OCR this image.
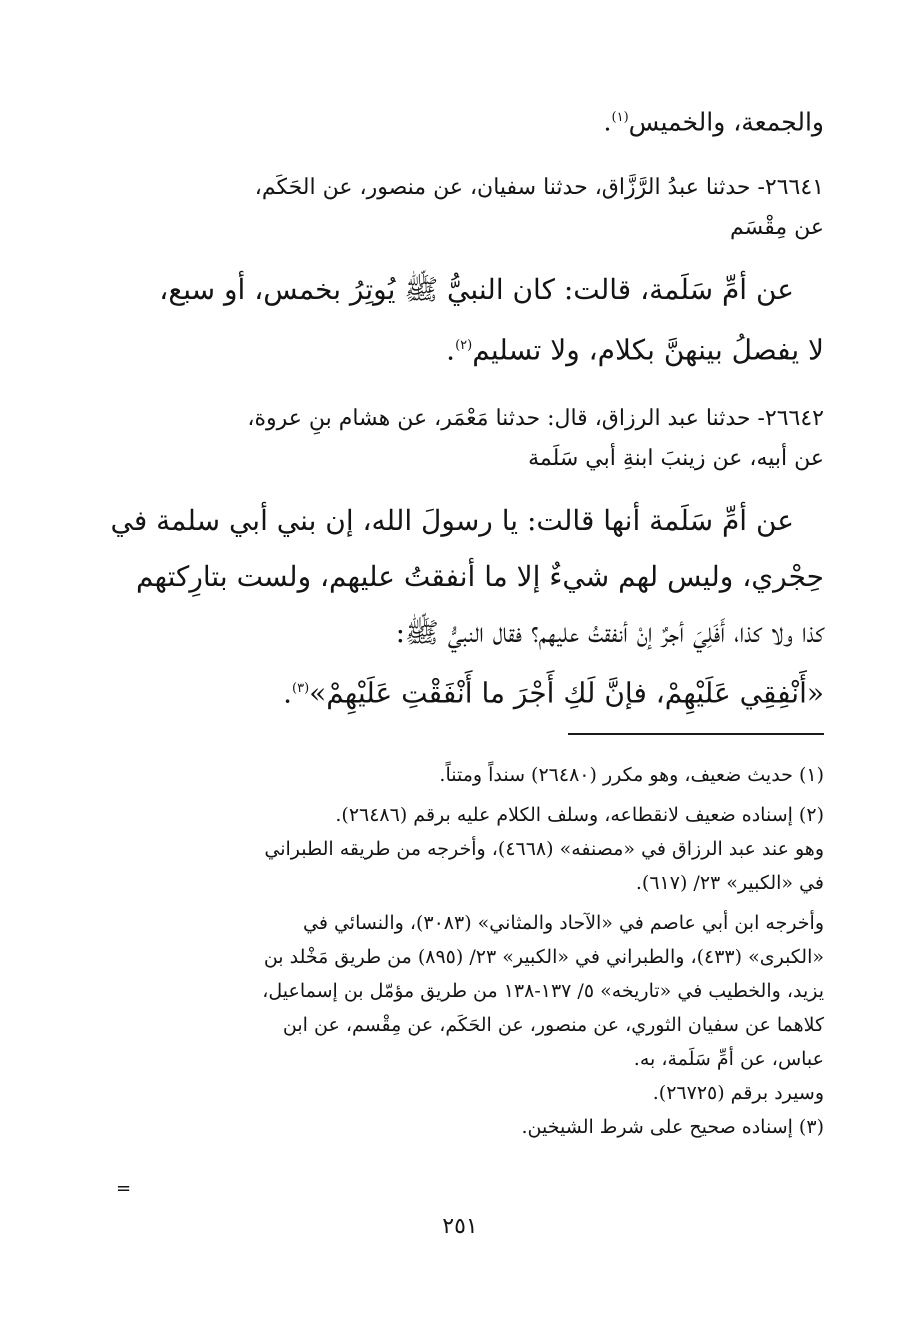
والجمعة، والخميس$^{(١)}$.
٢٦٦٤١- حدثنا عبدُ الرَّزَّاق، حدثنا سفيان، عن منصور، عن الحَكَم،
عن مِقْسَم
عن أمِّ سَلَمة، قالت: كان النبيُّ ﷺ يُوتِرُ بخمس، أو سبع،
لا يفصلُ بينهنَّ بكلام، ولا تسليم$^{(٢)}$.
٢٦٦٤٢- حدثنا عبد الرزاق، قال: حدثنا مَعْمَر، عن هشام بنِ عروة،
عن أبيه، عن زينبَ ابنةِ أبي سَلَمة
عن أمِّ سَلَمة أنها قالت: يا رسولَ الله، إن بني أبي سلمة في
حِجْري، وليس لهم شيءٌ إلا ما أنفقتُ عليهم، ولست بتارِكتهم
كذا ولا كذا، أَفَلِيَ أجرٌ إنْ أنفقتُ عليهم؟ فقال النبيُّ ﷺ:
«أَنْفِقِي عَلَيْهِمْ، فإنَّ لَكِ أَجْرَ ما أَنْفَقْتِ عَلَيْهِمْ»$^{(٣)}$.
(١) حديث ضعيف، وهو مكرر (٢٦٤٨٠) سنداً ومتناً.
(٢) إسناده ضعيف لانقطاعه، وسلف الكلام عليه برقم (٢٦٤٨٦).
وهو عند عبد الرزاق في «مصنفه» (٤٦٦٨)، وأخرجه من طريقه الطبراني
في «الكبير» ٢٣/ (٦١٧).
وأخرجه ابن أبي عاصم في «الآحاد والمثاني» (٣٠٨٣)، والنسائي في
«الكبرى» (٤٣٣)، والطبراني في «الكبير» ٢٣/ (٨٩٥) من طريق مَخْلد بن
يزيد، والخطيب في «تاريخه» ٥/ ١٣٧-١٣٨ من طريق مؤمّل بن إسماعيل،
كلاهما عن سفيان الثوري، عن منصور، عن الحَكَم، عن مِقْسم، عن ابن
عباس، عن أمِّ سَلَمة، به.
وسيرد برقم (٢٦٧٢٥).
(٣) إسناده صحيح على شرط الشيخين.
=
٢٥١
